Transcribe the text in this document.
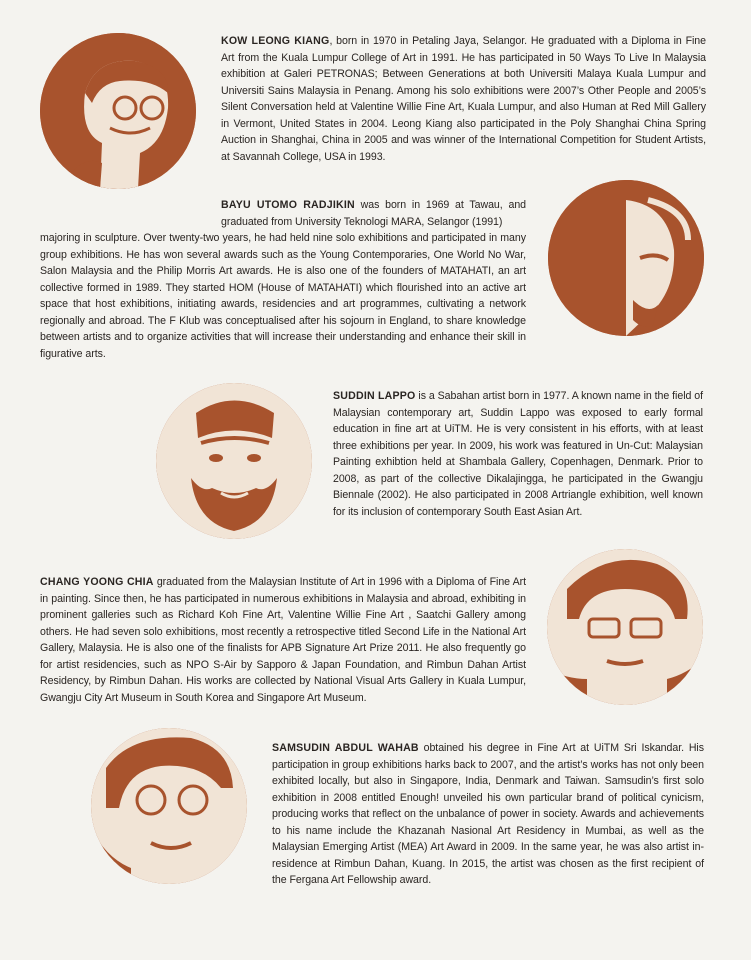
KOW LEONG KIANG, born in 1970 in Petaling Jaya, Selangor. He graduated with a Diploma in Fine Art from the Kuala Lumpur College of Art in 1991. He has participated in 50 Ways To Live In Malaysia exhibition at Galeri PETRONAS; Between Generations at both Universiti Malaya Kuala Lumpur and Universiti Sains Malaysia in Penang. Among his solo exhibitions were 2007’s Other People and 2005’s Silent Conversation held at Valentine Willie Fine Art, Kuala Lumpur, and also Human at Red Mill Gallery in Vermont, United States in 2004. Leong Kiang also participated in the Poly Shanghai China Spring Auction in Shanghai, China in 2005 and was winner of the International Competition for Student Artists, at Savannah College, USA in 1993.
BAYU UTOMO RADJIKIN was born in 1969 at Tawau, and graduated from University Teknologi MARA, Selangor (1991)
majoring in sculpture. Over twenty-two years, he had held nine solo exhibitions and participated in many group exhibitions. He has won several awards such as the Young Contemporaries, One World No War, Salon Malaysia and the Philip Morris Art awards. He is also one of the founders of MATAHATI, an art collective formed in 1989. They started HOM (House of MATAHATI) which flourished into an active art space that host exhibitions, initiating awards, residencies and art programmes, cultivating a network regionally and abroad. The F Klub was conceptualised after his sojourn in England, to share knowledge between artists and to organize activities that will increase their understanding and enhance their skill in figurative arts.
SUDDIN LAPPO is a Sabahan artist born in 1977. A known name in the field of Malaysian contemporary art, Suddin Lappo was exposed to early formal education in fine art at UiTM. He is very consistent in his efforts, with at least three exhibitions per year. In 2009, his work was featured in Un-Cut: Malaysian Painting exhibtion held at Shambala Gallery, Copenhagen, Denmark. Prior to 2008, as part of the collective Dikalajingga, he participated in the Gwangju Biennale (2002). He also participated in 2008 Artriangle exhibition, well known for its inclusion of contemporary South East Asian Art.
CHANG YOONG CHIA graduated from the Malaysian Institute of Art in 1996 with a Diploma of Fine Art in painting. Since then, he has participated in numerous exhibitions in Malaysia and abroad, exhibiting in prominent galleries such as Richard Koh Fine Art, Valentine Willie Fine Art , Saatchi Gallery among others. He had seven solo exhibitions, most recently a retrospective titled Second Life in the National Art Gallery, Malaysia. He is also one of the finalists for APB Signature Art Prize 2011. He also frequently go for artist residencies, such as NPO S-Air by Sapporo & Japan Foundation, and Rimbun Dahan Artist Residency, by Rimbun Dahan. His works are collected by National Visual Arts Gallery in Kuala Lumpur, Gwangju City Art Museum in South Korea and Singapore Art Museum.
SAMSUDIN ABDUL WAHAB obtained his degree in Fine Art at UiTM Sri Iskandar. His participation in group exhibitions harks back to 2007, and the artist’s works has not only been exhibited locally, but also in Singapore, India, Denmark and Taiwan. Samsudin’s first solo exhibition in 2008 entitled Enough! unveiled his own particular brand of political cynicism, producing works that reflect on the unbalance of power in society. Awards and achievements to his name include the Khazanah Nasional Art Residency in Mumbai, as well as the Malaysian Emerging Artist (MEA) Art Award in 2009. In the same year, he was also artist in-residence at Rimbun Dahan, Kuang. In 2015, the artist was chosen as the first recipient of the Fergana Art Fellowship award.
